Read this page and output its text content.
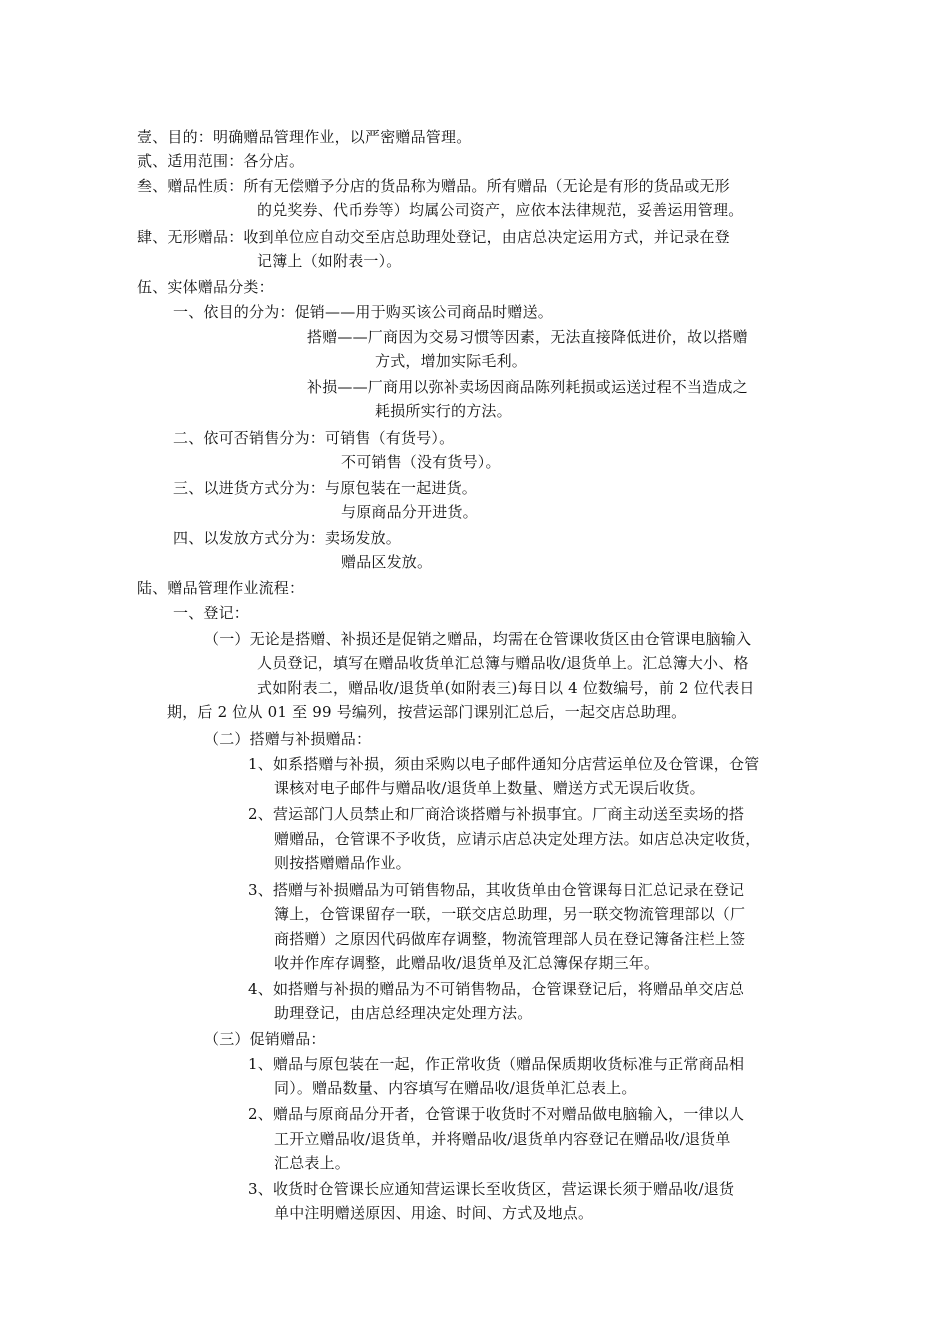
壹、目的：明确赠品管理作业，以严密赠品管理。
贰、适用范围：各分店。
叁、赠品性质：所有无偿赠予分店的货品称为赠品。所有赠品（无论是有形的货品或无形
的兑奖券、代币券等）均属公司资产，应依本法律规范，妥善运用管理。
肆、无形赠品：收到单位应自动交至店总助理处登记，由店总决定运用方式，并记录在登
记簿上（如附表一）。
伍、实体赠品分类：
一、依目的分为：促销——用于购买该公司商品时赠送。
搭赠——厂商因为交易习惯等因素，无法直接降低进价，故以搭赠
方式，增加实际毛利。
补损——厂商用以弥补卖场因商品陈列耗损或运送过程不当造成之
耗损所实行的方法。
二、依可否销售分为：可销售（有货号）。
不可销售（没有货号）。
三、以进货方式分为：与原包装在一起进货。
与原商品分开进货。
四、以发放方式分为：卖场发放。
赠品区发放。
陆、赠品管理作业流程：
一、登记：
（一）无论是搭赠、补损还是促销之赠品，均需在仓管课收货区由仓管课电脑输入
人员登记，填写在赠品收货单汇总簿与赠品收/退货单上。汇总簿大小、格
式如附表二，赠品收/退货单(如附表三)每日以 4 位数编号，前 2 位代表日
期，后 2 位从 01 至 99 号编列，按营运部门课别汇总后，一起交店总助理。
（二）搭赠与补损赠品：
1、如系搭赠与补损，须由采购以电子邮件通知分店营运单位及仓管课，仓管
课核对电子邮件与赠品收/退货单上数量、赠送方式无误后收货。
2、营运部门人员禁止和厂商洽谈搭赠与补损事宜。厂商主动送至卖场的搭
赠赠品，仓管课不予收货，应请示店总决定处理方法。如店总决定收货，
则按搭赠赠品作业。
3、搭赠与补损赠品为可销售物品，其收货单由仓管课每日汇总记录在登记
簿上，仓管课留存一联，一联交店总助理，另一联交物流管理部以（厂
商搭赠）之原因代码做库存调整，物流管理部人员在登记簿备注栏上签
收并作库存调整，此赠品收/退货单及汇总簿保存期三年。
4、如搭赠与补损的赠品为不可销售物品，仓管课登记后，将赠品单交店总
助理登记，由店总经理决定处理方法。
（三）促销赠品：
1、赠品与原包装在一起，作正常收货（赠品保质期收货标准与正常商品相
同）。赠品数量、内容填写在赠品收/退货单汇总表上。
2、赠品与原商品分开者，仓管课于收货时不对赠品做电脑输入，一律以人
工开立赠品收/退货单，并将赠品收/退货单内容登记在赠品收/退货单
汇总表上。
3、收货时仓管课长应通知营运课长至收货区，营运课长须于赠品收/退货
单中注明赠送原因、用途、时间、方式及地点。
